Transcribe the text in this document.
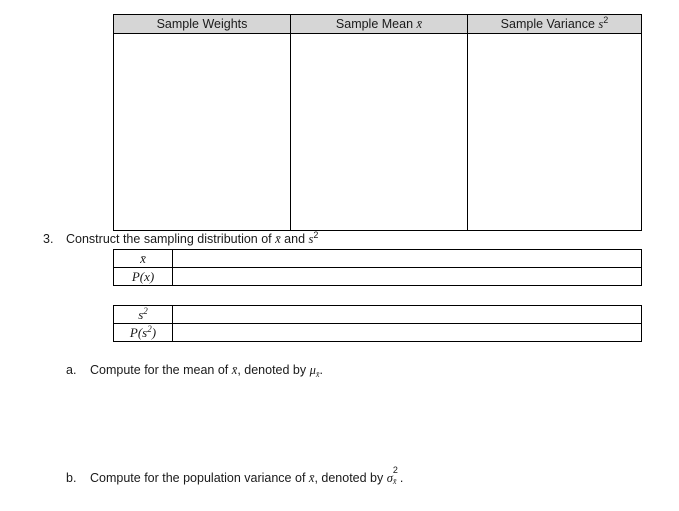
Sample Weights	Sample Mean x̄	Sample Variance $s^2$

3. Construct the sampling distribution of x̄ and $s^2$
x̄	
P(x)	
$s^2$	
$P(s^2)$	
a. Compute for the mean of x̄, denoted by $\mu_{x̄}$.
b. Compute for the population variance of x̄, denoted by σ
2
x̄ .
